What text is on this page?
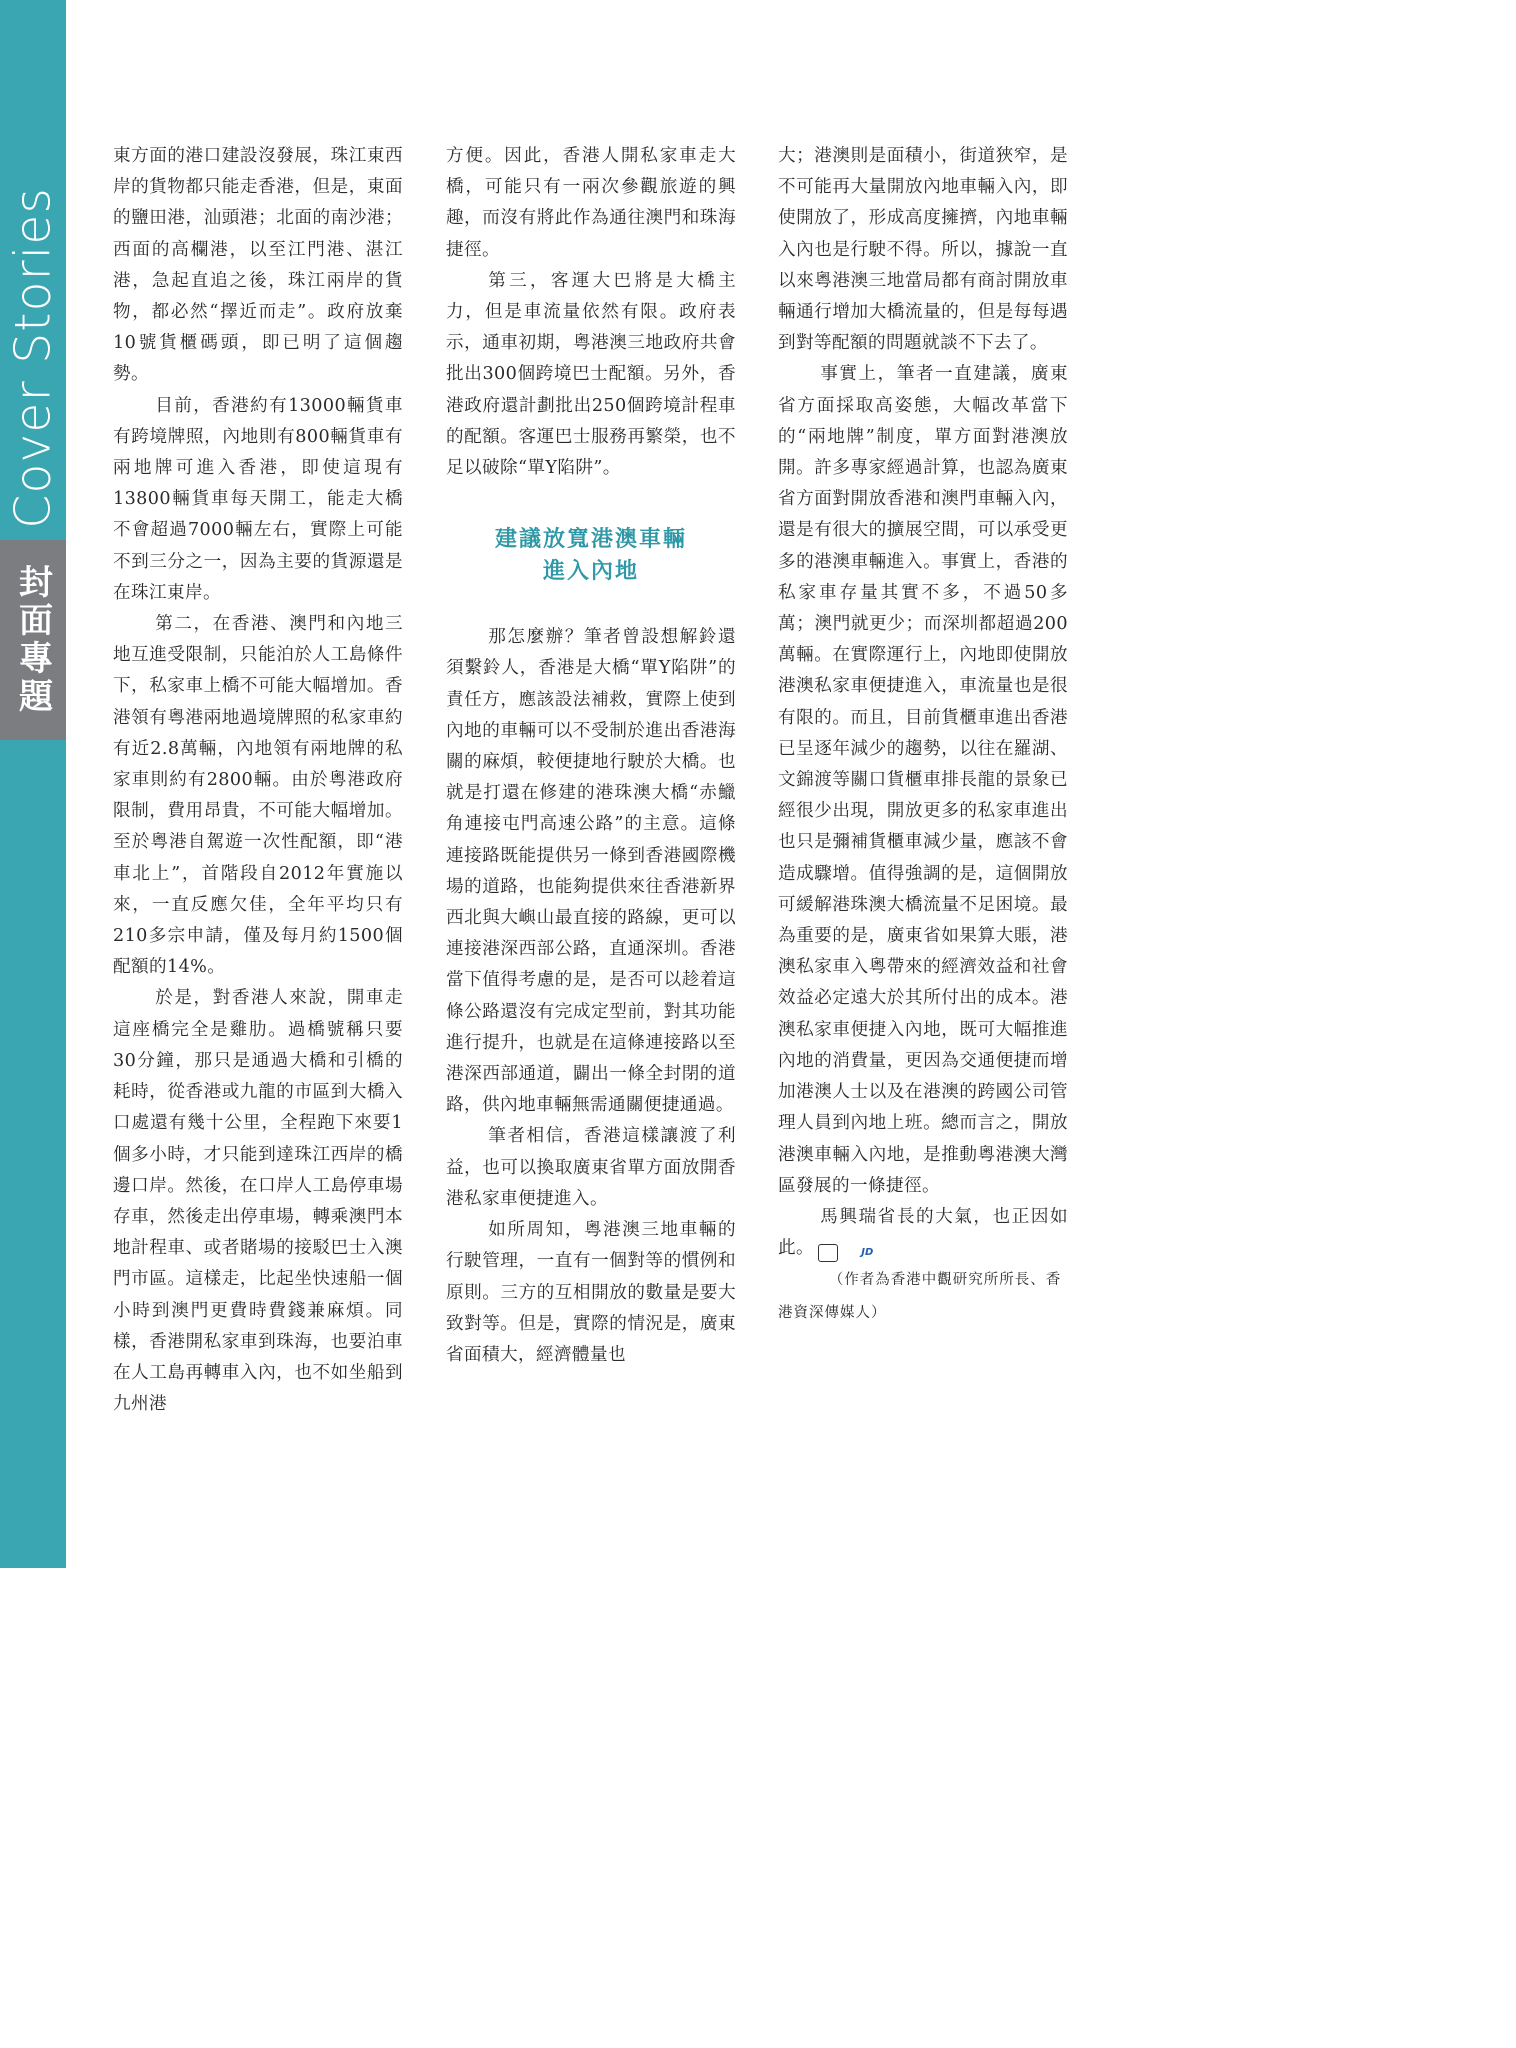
Cover Stories
封面專題

東方面的港口建設沒發展，珠江東西岸的貨物都只能走香港，但是，東面的鹽田港，汕頭港；北面的南沙港；西面的高欄港，以至江門港、湛江港，急起直追之後，珠江兩岸的貨物，都必然“擇近而走”。政府放棄10號貨櫃碼頭，即已明了這個趨勢。

目前，香港約有13000輛貨車有跨境牌照，內地則有800輛貨車有兩地牌可進入香港，即使這現有13800輛貨車每天開工，能走大橋不會超過7000輛左右，實際上可能不到三分之一，因為主要的貨源還是在珠江東岸。

第二，在香港、澳門和內地三地互進受限制，只能泊於人工島條件下，私家車上橋不可能大幅增加。香港領有粵港兩地過境牌照的私家車約有近2.8萬輛，內地領有兩地牌的私家車則約有2800輛。由於粵港政府限制，費用昂貴，不可能大幅增加。至於粵港自駕遊一次性配額，即“港車北上”，首階段自2012年實施以來，一直反應欠佳，全年平均只有210多宗申請，僅及每月約1500個配額的14%。

於是，對香港人來說，開車走這座橋完全是雞肋。過橋號稱只要30分鐘，那只是通過大橋和引橋的耗時，從香港或九龍的市區到大橋入口處還有幾十公里，全程跑下來要1個多小時，才只能到達珠江西岸的橋邊口岸。然後，在口岸人工島停車場存車，然後走出停車場，轉乘澳門本地計程車、或者賭場的接駁巴士入澳門市區。這樣走，比起坐快速船一個小時到澳門更費時費錢兼麻煩。同樣，香港開私家車到珠海，也要泊車在人工島再轉車入內，也不如坐船到九州港

方便。因此，香港人開私家車走大橋，可能只有一兩次參觀旅遊的興趣，而沒有將此作為通往澳門和珠海捷徑。

第三，客運大巴將是大橋主力，但是車流量依然有限。政府表示，通車初期，粵港澳三地政府共會批出300個跨境巴士配額。另外，香港政府還計劃批出250個跨境計程車的配額。客運巴士服務再繁榮，也不足以破除“單Y陷阱”。

建議放寬港澳車輛
進入內地

那怎麼辦？筆者曾設想解鈴還須繫鈴人，香港是大橋“單Y陷阱”的責任方，應該設法補救，實際上使到內地的車輛可以不受制於進出香港海關的麻煩，較便捷地行駛於大橋。也就是打還在修建的港珠澳大橋“赤鱲角連接屯門高速公路”的主意。這條連接路既能提供另一條到香港國際機場的道路，也能夠提供來往香港新界西北與大嶼山最直接的路線，更可以連接港深西部公路，直通深圳。香港當下值得考慮的是，是否可以趁着這條公路還沒有完成定型前，對其功能進行提升，也就是在這條連接路以至港深西部通道，闢出一條全封閉的道路，供內地車輛無需通關便捷通過。

筆者相信，香港這樣讓渡了利益，也可以換取廣東省單方面放開香港私家車便捷進入。

如所周知，粵港澳三地車輛的行駛管理，一直有一個對等的慣例和原則。三方的互相開放的數量是要大致對等。但是，實際的情況是，廣東省面積大，經濟體量也

大；港澳則是面積小，街道狹窄，是不可能再大量開放內地車輛入內，即使開放了，形成高度擁擠，內地車輛入內也是行駛不得。所以，據說一直以來粵港澳三地當局都有商討開放車輛通行增加大橋流量的，但是每每遇到對等配額的問題就談不下去了。

事實上，筆者一直建議，廣東省方面採取高姿態，大幅改革當下的“兩地牌”制度，單方面對港澳放開。許多專家經過計算，也認為廣東省方面對開放香港和澳門車輛入內，還是有很大的擴展空間，可以承受更多的港澳車輛進入。事實上，香港的私家車存量其實不多，不過50多萬；澳門就更少；而深圳都超過200萬輛。在實際運行上，內地即使開放港澳私家車便捷進入，車流量也是很有限的。而且，目前貨櫃車進出香港已呈逐年減少的趨勢，以往在羅湖、文錦渡等關口貨櫃車排長龍的景象已經很少出現，開放更多的私家車進出也只是彌補貨櫃車減少量，應該不會造成驟增。值得強調的是，這個開放可緩解港珠澳大橋流量不足困境。最為重要的是，廣東省如果算大賬，港澳私家車入粵帶來的經濟效益和社會效益必定遠大於其所付出的成本。港澳私家車便捷入內地，既可大幅推進內地的消費量，更因為交通便捷而增加港澳人士以及在港澳的跨國公司管理人員到內地上班。總而言之，開放港澳車輛入內地，是推動粵港澳大灣區發展的一條捷徑。

馬興瑞省長的大氣，也正因如此。	JD

（作者為香港中觀研究所所長、香港資深傳媒人）
